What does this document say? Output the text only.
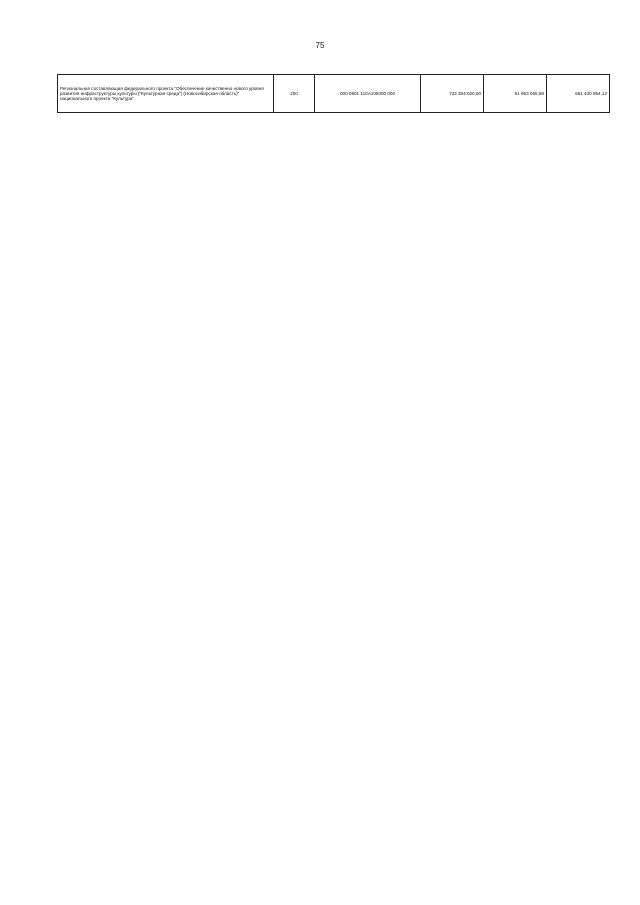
75
Региональная составляющая федерального проекта "Обеспечение качественно нового уровня развития инфраструктуры культуры ("Культурная среда") (Новосибирская область)" национального проекта "Культура"	200	000 0801 110A105000 000	733 384 020,00	51 953 065,88	681 430 954,12
